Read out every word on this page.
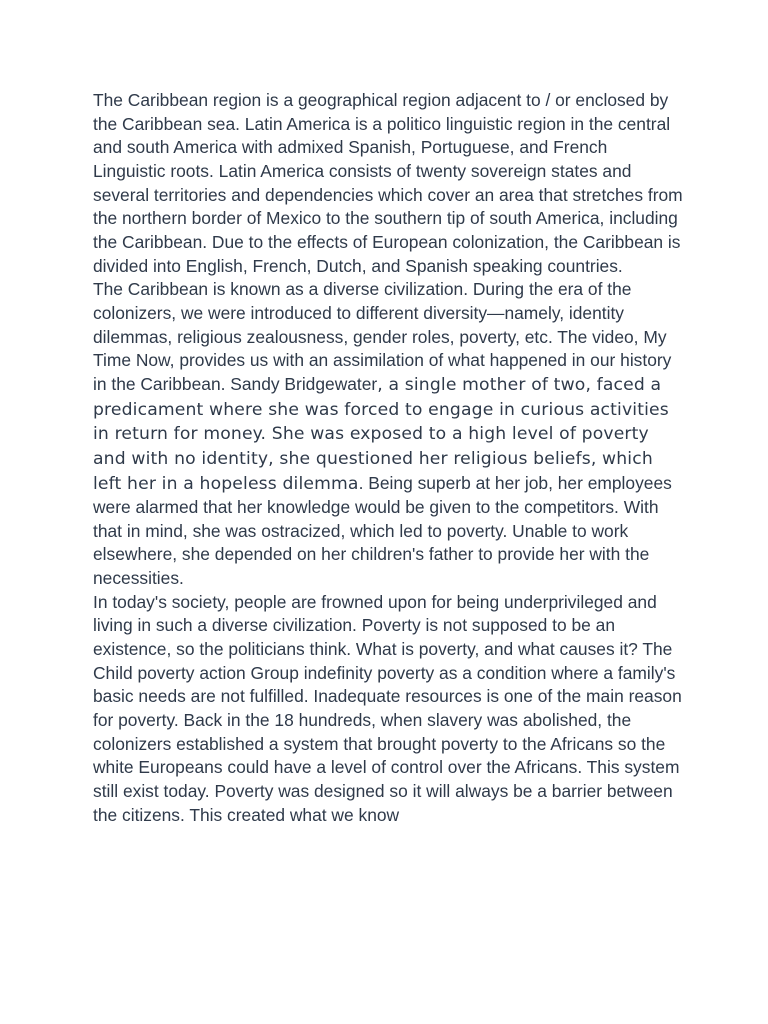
The Caribbean region is a geographical region adjacent to / or enclosed by the Caribbean sea. Latin America is a politico linguistic region in the central and south America with admixed Spanish, Portuguese, and French Linguistic roots. Latin America consists of twenty sovereign states and several territories and dependencies which cover an area that stretches from the northern border of Mexico to the southern tip of south America, including the Caribbean. Due to the effects of European colonization, the Caribbean is divided into English, French, Dutch, and Spanish speaking countries.

The Caribbean is known as a diverse civilization. During the era of the colonizers, we were introduced to different diversity—namely, identity dilemmas, religious zealousness, gender roles, poverty, etc. The video, My Time Now, provides us with an assimilation of what happened in our history in the Caribbean. Sandy Bridgewater, a single mother of two, faced a predicament where she was forced to engage in curious activities in return for money. She was exposed to a high level of poverty and with no identity, she questioned her religious beliefs, which left her in a hopeless dilemma. Being superb at her job, her employees were alarmed that her knowledge would be given to the competitors. With that in mind, she was ostracized, which led to poverty. Unable to work elsewhere, she depended on her children's father to provide her with the necessities.

In today's society, people are frowned upon for being underprivileged and living in such a diverse civilization. Poverty is not supposed to be an existence, so the politicians think. What is poverty, and what causes it? The Child poverty action Group indefinity poverty as a condition where a family's basic needs are not fulfilled. Inadequate resources is one of the main reason for poverty. Back in the 18 hundreds, when slavery was abolished, the colonizers established a system that brought poverty to the Africans so the white Europeans could have a level of control over the Africans. This system still exist today. Poverty was designed so it will always be a barrier between the citizens. This created what we know
